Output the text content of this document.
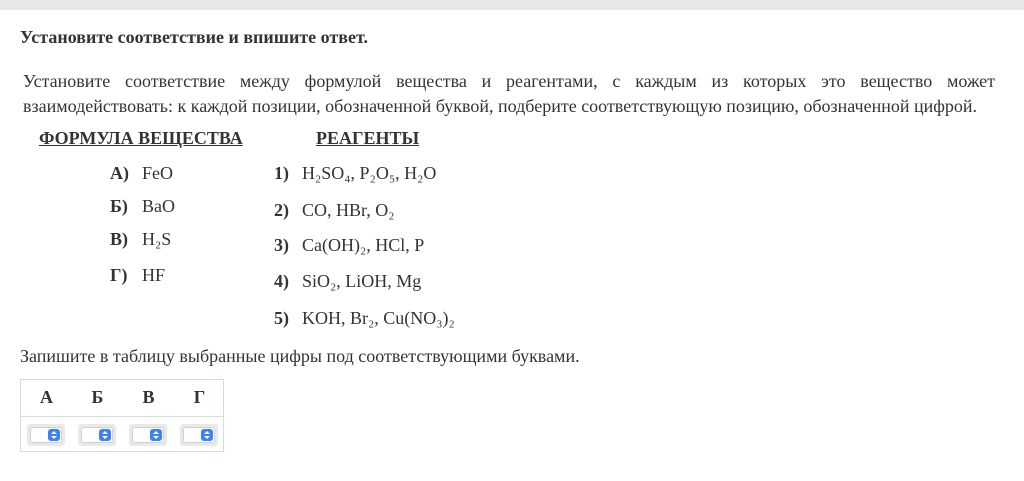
Установите соответствие и впишите ответ.
Установите соответствие между формулой вещества и реагентами, с каждым из которых это вещество может взаимодействовать: к каждой позиции, обозначенной буквой, подберите соответствующую позицию, обозначенной цифрой.
ФОРМУЛА ВЕЩЕСТВА	РЕАГЕНТЫ
А) FeO
Б) BaO
В) H₂S
Г) HF
1) H₂SO₄, P₂O₅, H₂O
2) CO, HBr, O₂
3) Ca(OH)₂, HCl, P
4) SiO₂, LiOH, Mg
5) KOH, Br₂, Cu(NO₃)₂
Запишите в таблицу выбранные цифры под соответствующими буквами.
А	Б	В	Г
